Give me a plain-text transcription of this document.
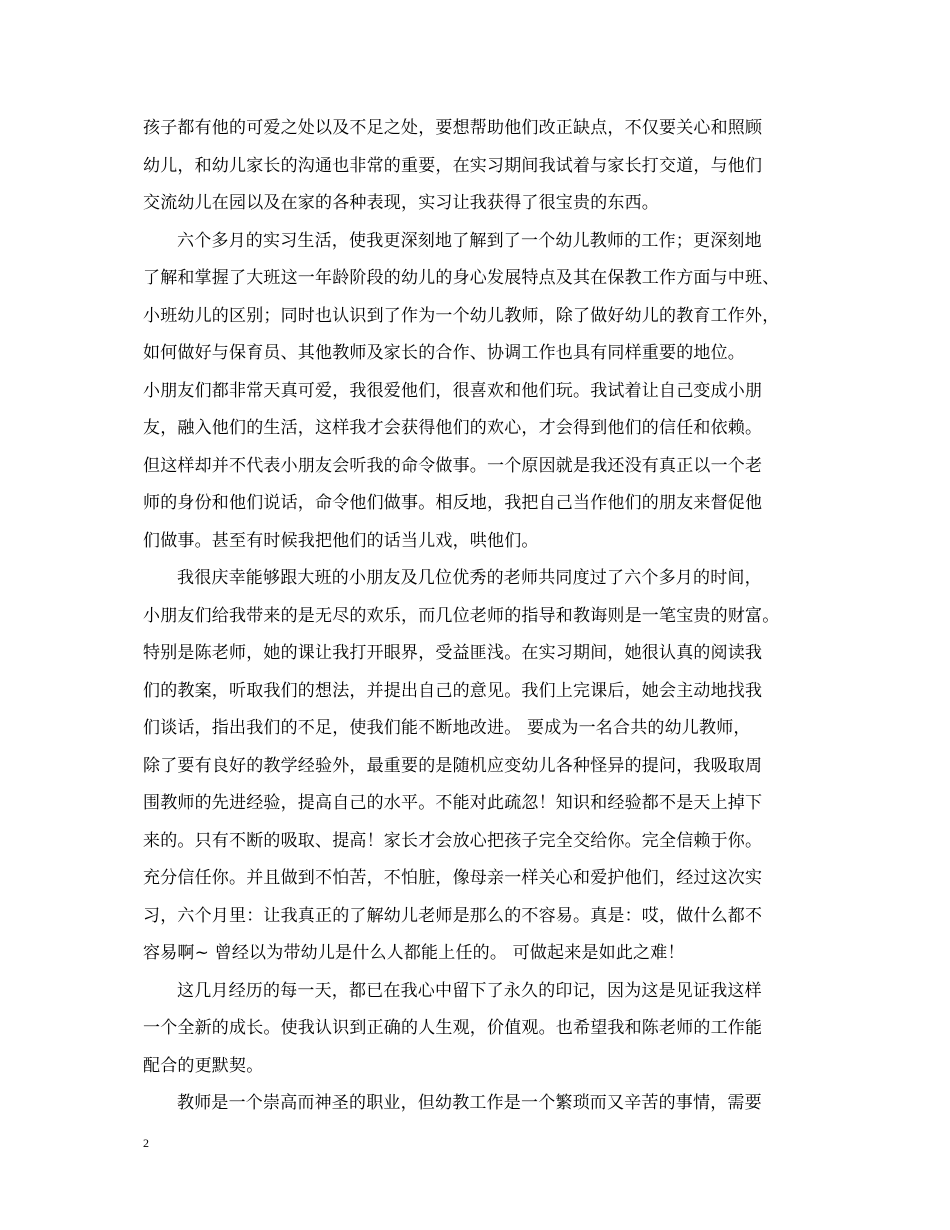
孩子都有他的可爱之处以及不足之处，要想帮助他们改正缺点，不仅要关心和照顾
幼儿，和幼儿家长的沟通也非常的重要，在实习期间我试着与家长打交道，与他们
交流幼儿在园以及在家的各种表现，实习让我获得了很宝贵的东西。
六个多月的实习生活，使我更深刻地了解到了一个幼儿教师的工作；更深刻地
了解和掌握了大班这一年龄阶段的幼儿的身心发展特点及其在保教工作方面与中班、
小班幼儿的区别；同时也认识到了作为一个幼儿教师，除了做好幼儿的教育工作外，
如何做好与保育员、其他教师及家长的合作、协调工作也具有同样重要的地位。
小朋友们都非常天真可爱，我很爱他们，很喜欢和他们玩。我试着让自己变成小朋
友，融入他们的生活，这样我才会获得他们的欢心，才会得到他们的信任和依赖。
但这样却并不代表小朋友会听我的命令做事。一个原因就是我还没有真正以一个老
师的身份和他们说话，命令他们做事。相反地，我把自己当作他们的朋友来督促他
们做事。甚至有时候我把他们的话当儿戏，哄他们。
我很庆幸能够跟大班的小朋友及几位优秀的老师共同度过了六个多月的时间，
小朋友们给我带来的是无尽的欢乐，而几位老师的指导和教诲则是一笔宝贵的财富。
特别是陈老师，她的课让我打开眼界，受益匪浅。在实习期间，她很认真的阅读我
们的教案，听取我们的想法，并提出自己的意见。我们上完课后，她会主动地找我
们谈话，指出我们的不足，使我们能不断地改进。 要成为一名合共的幼儿教师，
除了要有良好的教学经验外，最重要的是随机应变幼儿各种怪异的提问，我吸取周
围教师的先进经验，提高自己的水平。不能对此疏忽！知识和经验都不是天上掉下
来的。只有不断的吸取、提高！家长才会放心把孩子完全交给你。完全信赖于你。
充分信任你。并且做到不怕苦，不怕脏，像母亲一样关心和爱护他们，经过这次实
习，六个月里：让我真正的了解幼儿老师是那么的不容易。真是：哎，做什么都不
容易啊~ 曾经以为带幼儿是什么人都能上任的。 可做起来是如此之难！
这几月经历的每一天，都已在我心中留下了永久的印记，因为这是见证我这样
一个全新的成长。使我认识到正确的人生观，价值观。也希望我和陈老师的工作能
配合的更默契。
教师是一个崇高而神圣的职业，但幼教工作是一个繁琐而又辛苦的事情，需要
2
